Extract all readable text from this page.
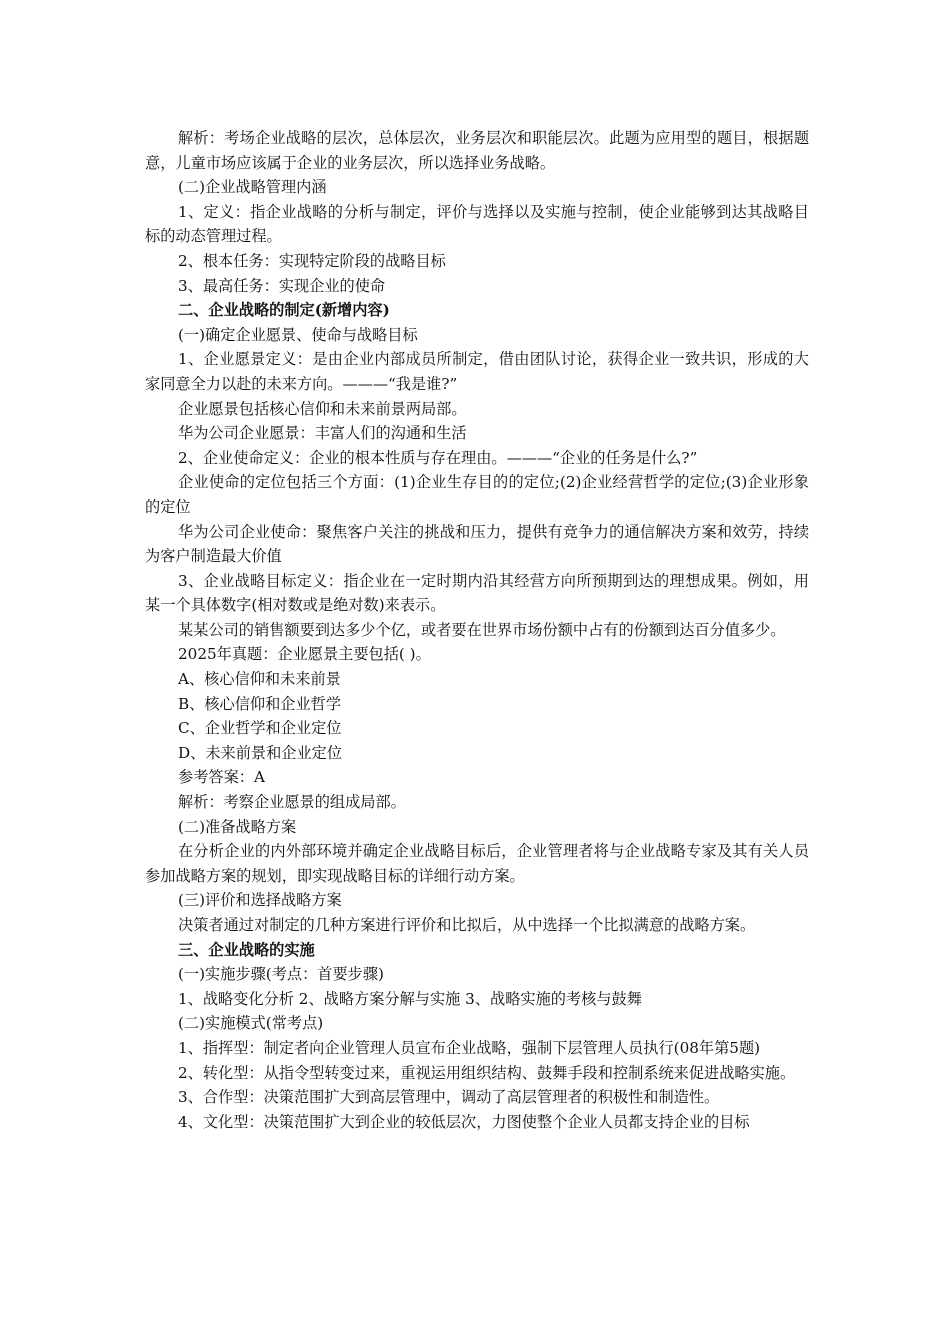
解析：考场企业战略的层次，总体层次，业务层次和职能层次。此题为应用型的题目，根据题意，儿童市场应该属于企业的业务层次，所以选择业务战略。

(二)企业战略管理内涵

1、定义：指企业战略的分析与制定，评价与选择以及实施与控制，使企业能够到达其战略目标的动态管理过程。

2、根本任务：实现特定阶段的战略目标

3、最高任务：实现企业的使命

二、企业战略的制定(新增内容)

(一)确定企业愿景、使命与战略目标

1、企业愿景定义：是由企业内部成员所制定，借由团队讨论，获得企业一致共识，形成的大家同意全力以赴的未来方向。———“我是谁?”

企业愿景包括核心信仰和未来前景两局部。

华为公司企业愿景：丰富人们的沟通和生活

2、企业使命定义：企业的根本性质与存在理由。———“企业的任务是什么?”

企业使命的定位包括三个方面：(1)企业生存目的的定位;(2)企业经营哲学的定位;(3)企业形象的定位

华为公司企业使命：聚焦客户关注的挑战和压力，提供有竞争力的通信解决方案和效劳，持续为客户制造最大价值

3、企业战略目标定义：指企业在一定时期内沿其经营方向所预期到达的理想成果。例如，用某一个具体数字(相对数或是绝对数)来表示。

某某公司的销售额要到达多少个亿，或者要在世界市场份额中占有的份额到达百分值多少。

2025年真题：企业愿景主要包括( )。

A、核心信仰和未来前景

B、核心信仰和企业哲学

C、企业哲学和企业定位

D、未来前景和企业定位

参考答案：A

解析：考察企业愿景的组成局部。

(二)准备战略方案

在分析企业的内外部环境并确定企业战略目标后，企业管理者将与企业战略专家及其有关人员参加战略方案的规划，即实现战略目标的详细行动方案。

(三)评价和选择战略方案

决策者通过对制定的几种方案进行评价和比拟后，从中选择一个比拟满意的战略方案。

三、企业战略的实施

(一)实施步骤(考点：首要步骤)

1、战略变化分析 2、战略方案分解与实施 3、战略实施的考核与鼓舞

(二)实施模式(常考点)

1、指挥型：制定者向企业管理人员宣布企业战略，强制下层管理人员执行(08年第5题)

2、转化型：从指令型转变过来，重视运用组织结构、鼓舞手段和控制系统来促进战略实施。

3、合作型：决策范围扩大到高层管理中，调动了高层管理者的积极性和制造性。

4、文化型：决策范围扩大到企业的较低层次，力图使整个企业人员都支持企业的目标
